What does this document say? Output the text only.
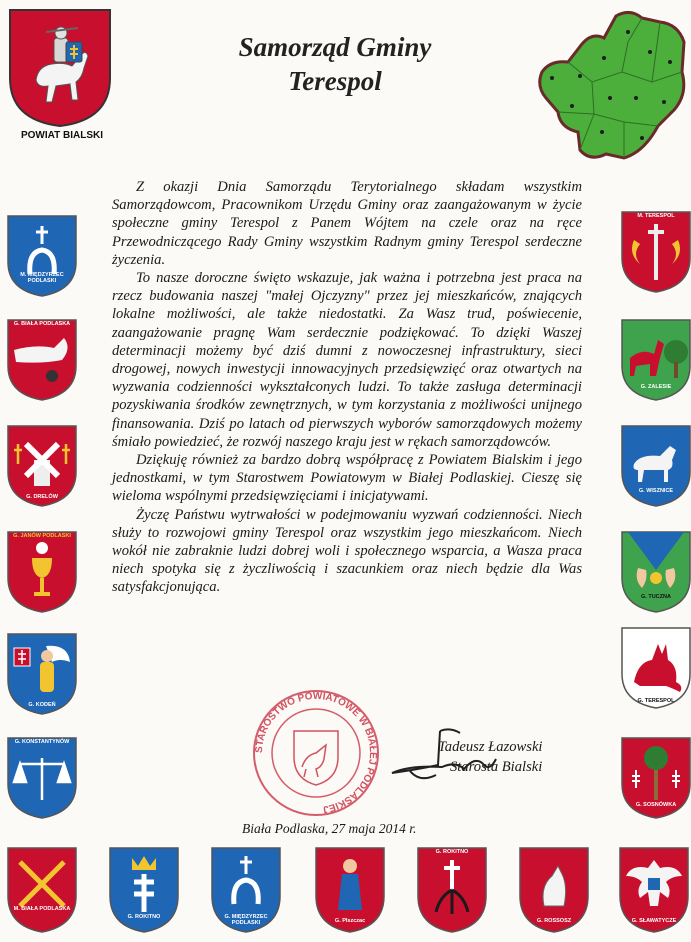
Samorząd Gminy
Terespol
POWIAT BIALSKI

Z okazji Dnia Samorządu Terytorialnego składam wszystkim Samorządowcom, Pracownikom Urzędu Gminy oraz zaangażowanym w życie społeczne gminy Terespol z Panem Wójtem na czele oraz na ręce Przewodniczącego Rady Gminy wszystkim Radnym gminy Terespol serdeczne życzenia.

To nasze doroczne święto wskazuje, jak ważna i potrzebna jest praca na rzecz budowania naszej "małej Ojczyzny" przez jej mieszkańców, znających lokalne możliwości, ale także niedostatki. Za Wasz trud, poświecenie, zaangażowanie pragnę Wam serdecznie podziękować. To dzięki Waszej determinacji możemy być dziś dumni z nowoczesnej infrastruktury, sieci drogowej, nowych inwestycji innowacyjnych przedsięwzięć oraz otwartych na wyzwania codzienności wykształconych ludzi. To także zasługa determinacji pozyskiwania środków zewnętrznych, w tym korzystania z możliwości unijnego finansowania. Dziś po latach od pierwszych wyborów samorządowych możemy śmiało powiedzieć, że rozwój naszego kraju jest w rękach samorządowców.

Dziękuję również za bardzo dobrą współpracę z Powiatem Bialskim i jego jednostkami, w tym Starostwem Powiatowym w Białej Podlaskiej. Cieszę się wieloma wspólnymi przedsięwzięciami i inicjatywami.

Życzę Państwu wytrwałości w podejmowaniu wyzwań codzienności. Niech służy to rozwojowi gminy Terespol oraz wszystkim jego mieszkańcom. Niech wokół nie zabraknie ludzi dobrej woli i społecznego wsparcia, a Wasza praca niech spotyka się z życzliwością i szacunkiem oraz niech będzie dla Was satysfakcjonująca.

STAROSTWO POWIATOWE W BIAŁEJ PODLASKIEJ
Tadeusz Łazowski
Starosta Bialski
Biała Podlaska, 27 maja 2014 r.
M. MIĘDZYRZEC PODLASKI
G. BIAŁA PODLASKA
G. DRELÓW
G. JANÓW PODLASKI
G. KODEŃ
G. KONSTANTYNÓW
M. TERESPOL
G. ZALESIE
G. WISZNICE
G. TUCZNA
G. TERESPOL
G. SOSNÓWKA
M. BIAŁA PODLASKA
G. ROKITNO	G. MIĘDZYRZEC PODLASKI	G. PIszczac
G. ROKITNO
G. ROSSOSZ	G. SŁAWATYCZE
